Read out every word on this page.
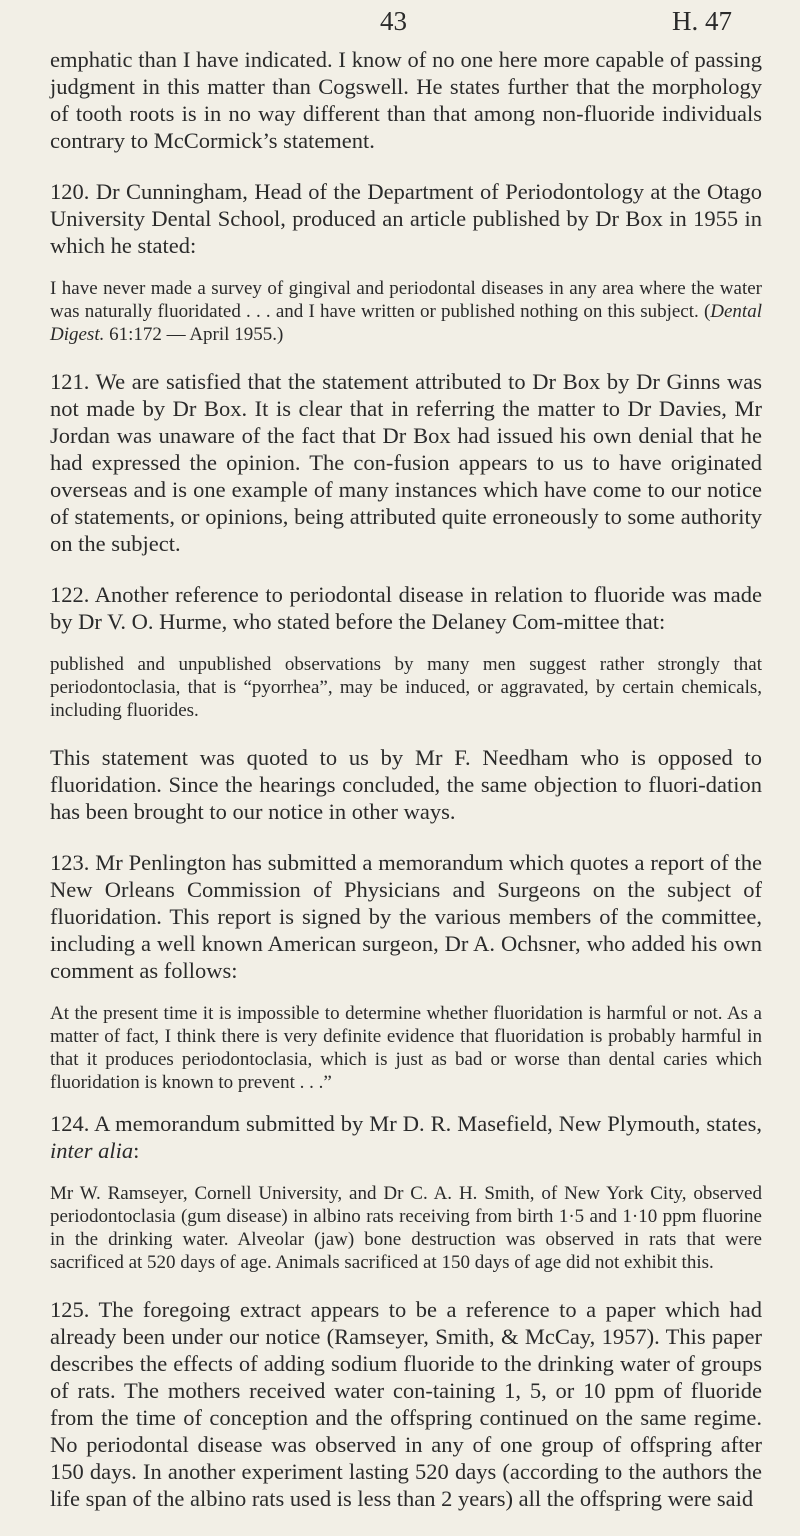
43	H. 47

emphatic than I have indicated. I know of no one here more capable of passing judgment in this matter than Cogswell. He states further that the morphology of tooth roots is in no way different than that among non-fluoride individuals contrary to McCormick’s statement.

120. Dr Cunningham, Head of the Department of Periodontology at the Otago University Dental School, produced an article published by Dr Box in 1955 in which he stated:

I have never made a survey of gingival and periodontal diseases in any area where the water was naturally fluoridated . . . and I have written or published nothing on this subject. (Dental Digest. 61:172 — April 1955.)

121. We are satisfied that the statement attributed to Dr Box by Dr Ginns was not made by Dr Box. It is clear that in referring the matter to Dr Davies, Mr Jordan was unaware of the fact that Dr Box had issued his own denial that he had expressed the opinion. The con-fusion appears to us to have originated overseas and is one example of many instances which have come to our notice of statements, or opinions, being attributed quite erroneously to some authority on the subject.

122. Another reference to periodontal disease in relation to fluoride was made by Dr V. O. Hurme, who stated before the Delaney Com-mittee that:

published and unpublished observations by many men suggest rather strongly that periodontoclasia, that is “pyorrhea”, may be induced, or aggravated, by certain chemicals, including fluorides.

This statement was quoted to us by Mr F. Needham who is opposed to fluoridation. Since the hearings concluded, the same objection to fluori-dation has been brought to our notice in other ways.

123. Mr Penlington has submitted a memorandum which quotes a report of the New Orleans Commission of Physicians and Surgeons on the subject of fluoridation. This report is signed by the various members of the committee, including a well known American surgeon, Dr A. Ochsner, who added his own comment as follows:

At the present time it is impossible to determine whether fluoridation is harmful or not. As a matter of fact, I think there is very definite evidence that fluoridation is probably harmful in that it produces periodontoclasia, which is just as bad or worse than dental caries which fluoridation is known to prevent . . .”

124. A memorandum submitted by Mr D. R. Masefield, New Plymouth, states, inter alia:

Mr W. Ramseyer, Cornell University, and Dr C. A. H. Smith, of New York City, observed periodontoclasia (gum disease) in albino rats receiving from birth 1·5 and 1·10 ppm fluorine in the drinking water. Alveolar (jaw) bone destruction was observed in rats that were sacrificed at 520 days of age. Animals sacrificed at 150 days of age did not exhibit this.

125. The foregoing extract appears to be a reference to a paper which had already been under our notice (Ramseyer, Smith, & McCay, 1957). This paper describes the effects of adding sodium fluoride to the drinking water of groups of rats. The mothers received water con-taining 1, 5, or 10 ppm of fluoride from the time of conception and the offspring continued on the same regime. No periodontal disease was observed in any of one group of offspring after 150 days. In another experiment lasting 520 days (according to the authors the life span of the albino rats used is less than 2 years) all the offspring were said
